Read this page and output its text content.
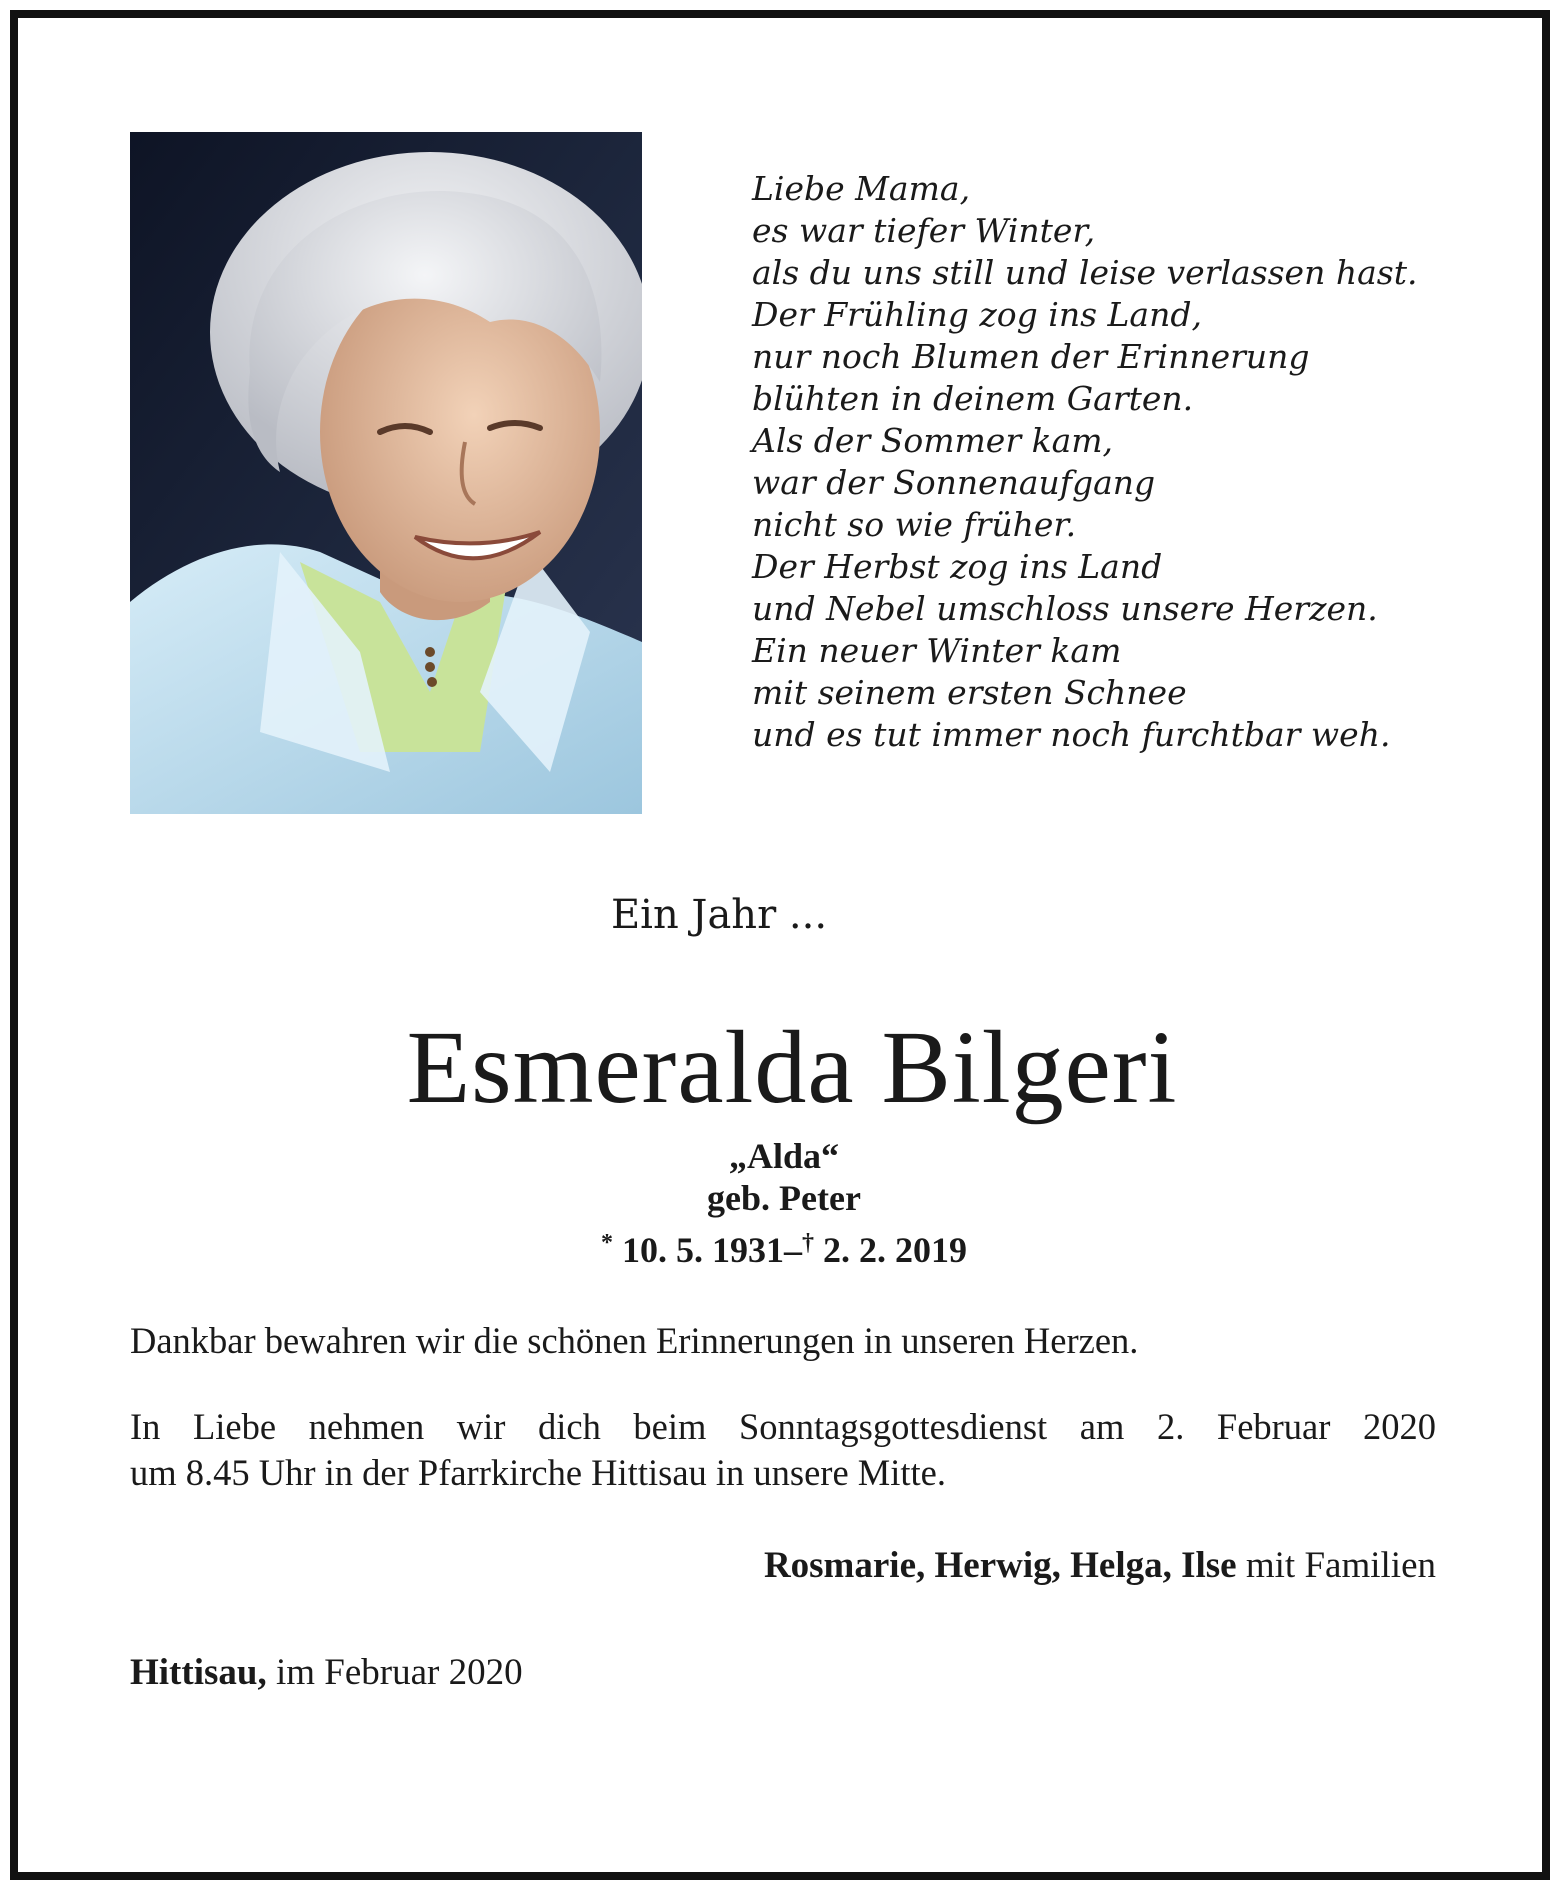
Liebe Mama,
es war tiefer Winter,
als du uns still und leise verlassen hast.
Der Frühling zog ins Land,
nur noch Blumen der Erinnerung
blühten in deinem Garten.
Als der Sommer kam,
war der Sonnenaufgang
nicht so wie früher.
Der Herbst zog ins Land
und Nebel umschloss unsere Herzen.
Ein neuer Winter kam
mit seinem ersten Schnee
und es tut immer noch furchtbar weh.
Ein Jahr ...
Esmeralda Bilgeri
„Alda“
geb. Peter
* 10. 5. 1931–† 2. 2. 2019
Dankbar bewahren wir die schönen Erinnerungen in unseren Herzen.
In Liebe nehmen wir dich beim Sonntagsgottesdienst am 2. Februar 2020
um 8.45 Uhr in der Pfarrkirche Hittisau in unsere Mitte.
Rosmarie, Herwig, Helga, Ilse mit Familien
Hittisau, im Februar 2020
